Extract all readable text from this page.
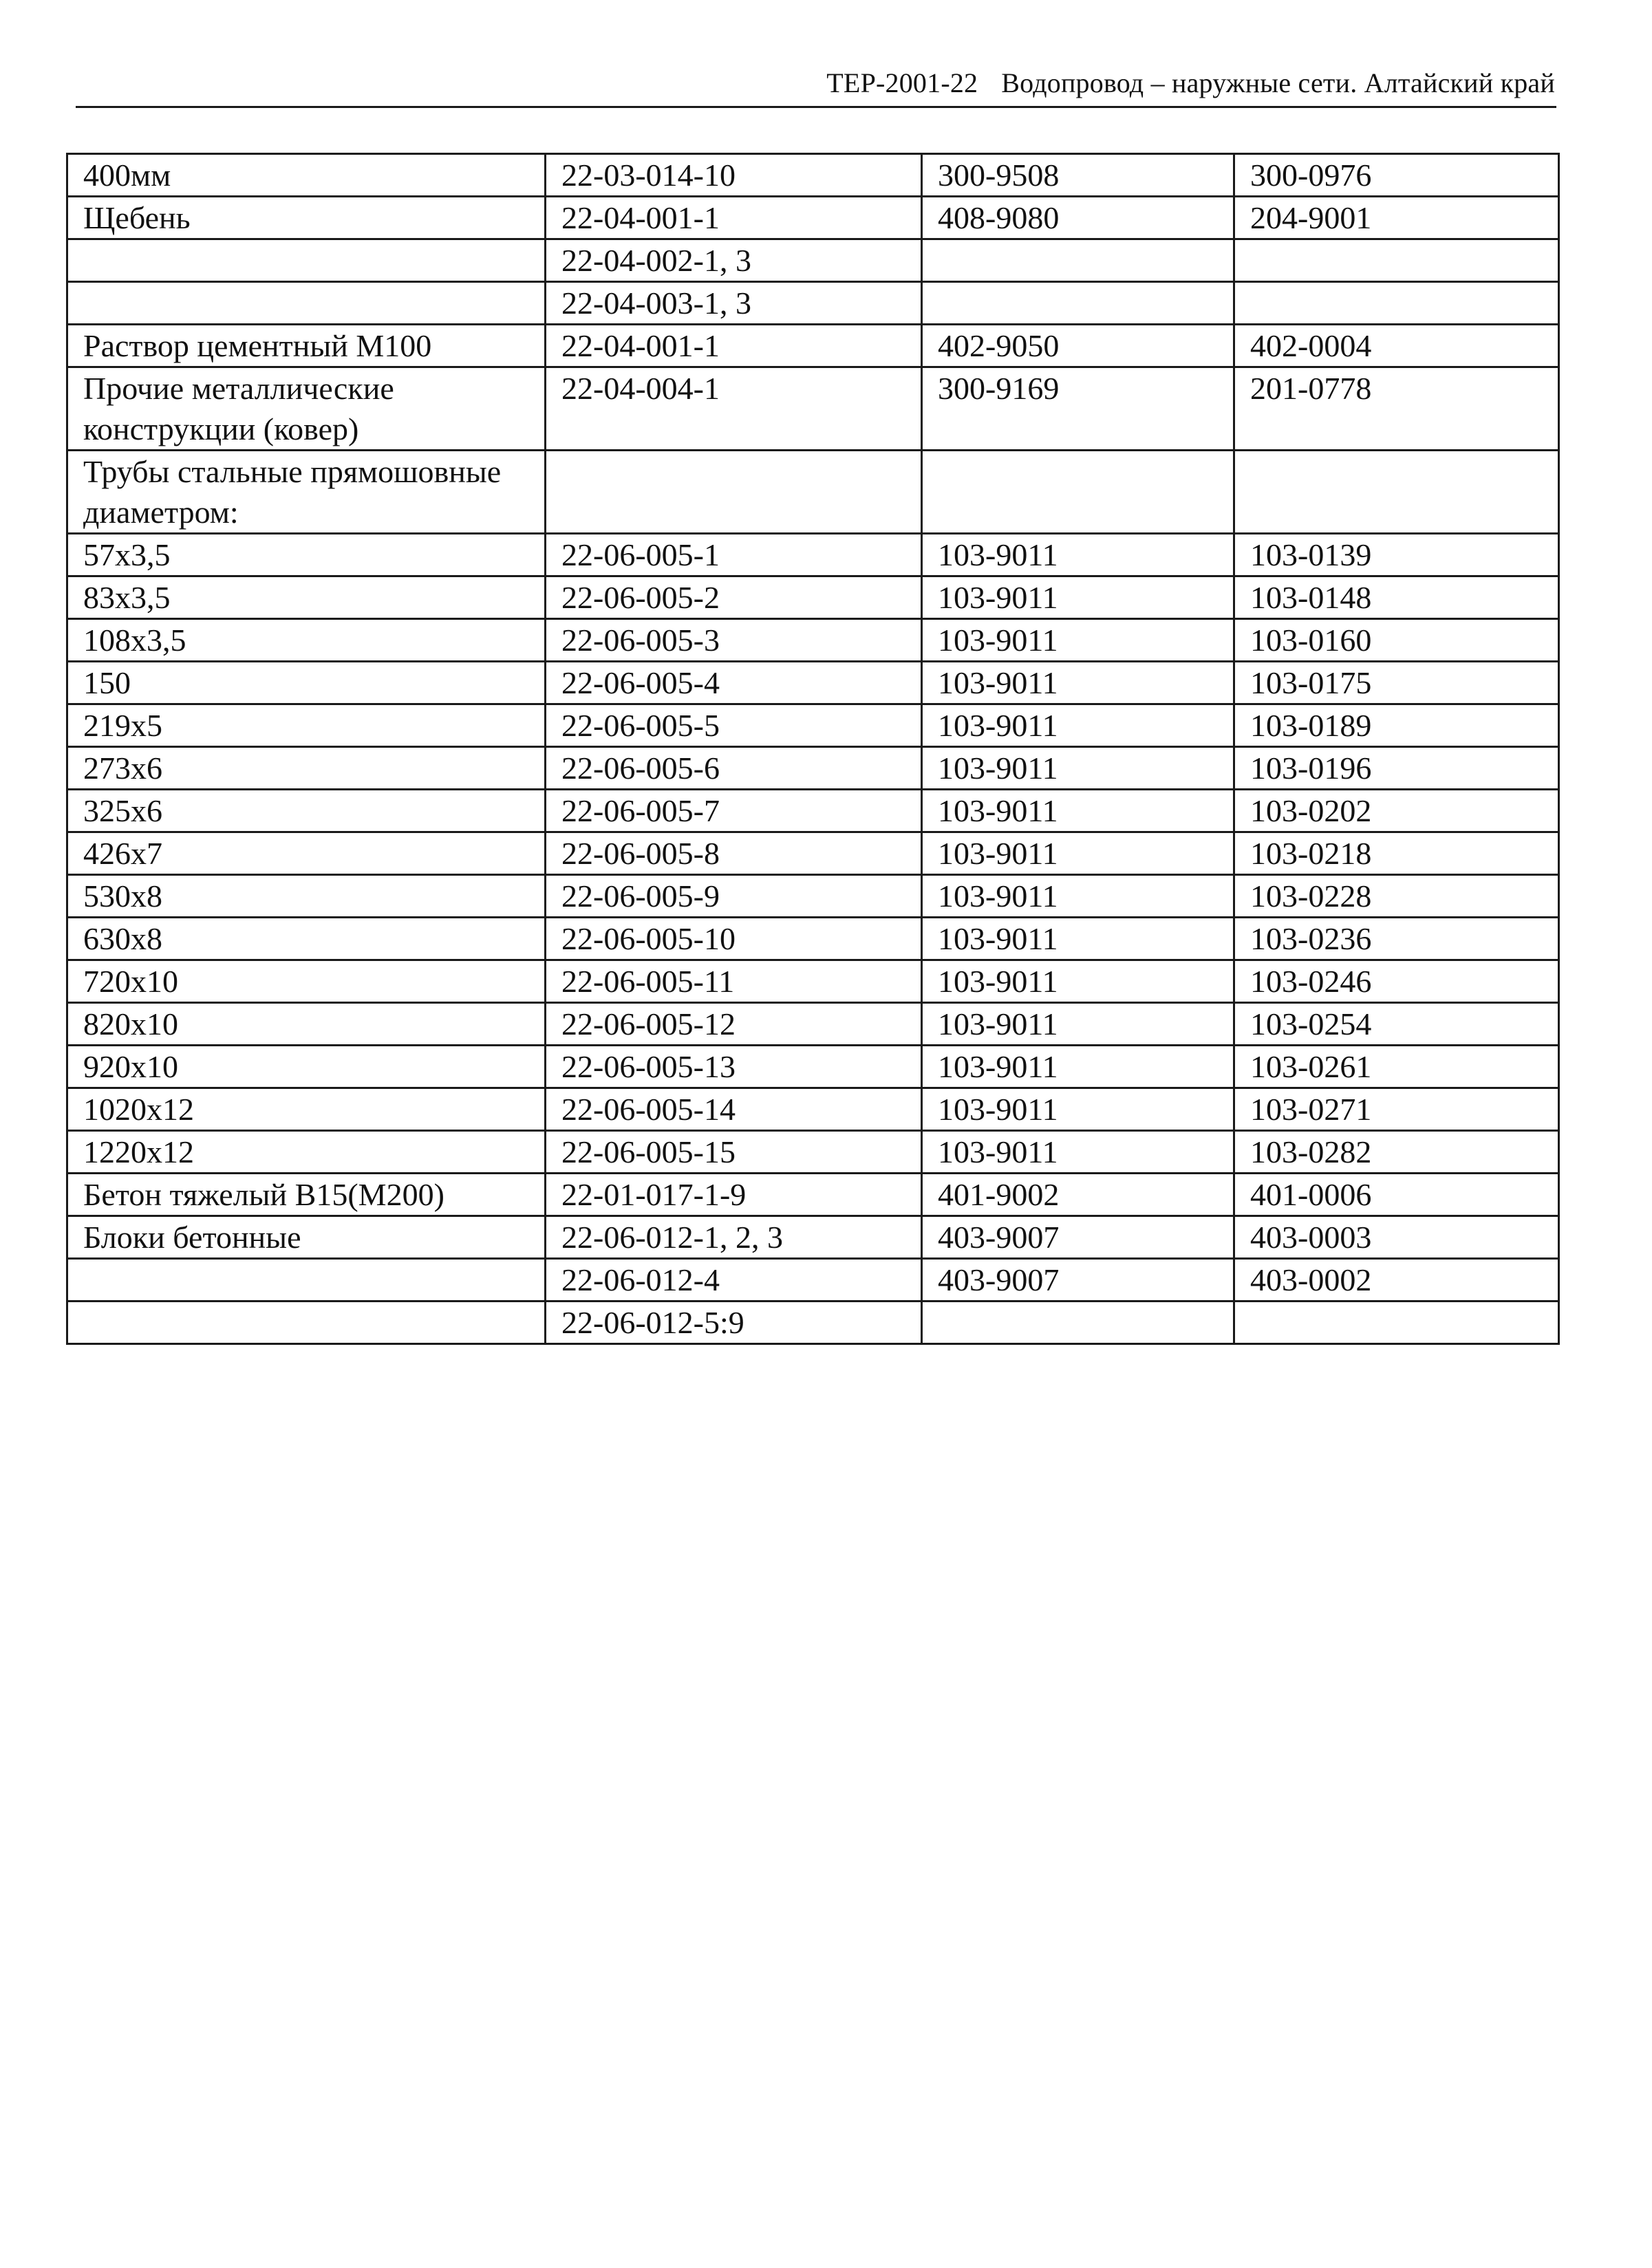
ТЕР-2001-22 Водопровод – наружные сети. Алтайский край
400мм	22-03-014-10	300-9508	300-0976
Щебень	22-04-001-1	408-9080	204-9001
	22-04-002-1, 3		
	22-04-003-1, 3		
Раствор цементный М100	22-04-001-1	402-9050	402-0004
Прочие металлические конструкции (ковер)	22-04-004-1	300-9169	201-0778
Трубы стальные прямошовные диаметром:			
57x3,5	22-06-005-1	103-9011	103-0139
83x3,5	22-06-005-2	103-9011	103-0148
108x3,5	22-06-005-3	103-9011	103-0160
150	22-06-005-4	103-9011	103-0175
219x5	22-06-005-5	103-9011	103-0189
273x6	22-06-005-6	103-9011	103-0196
325x6	22-06-005-7	103-9011	103-0202
426x7	22-06-005-8	103-9011	103-0218
530x8	22-06-005-9	103-9011	103-0228
630x8	22-06-005-10	103-9011	103-0236
720x10	22-06-005-11	103-9011	103-0246
820x10	22-06-005-12	103-9011	103-0254
920x10	22-06-005-13	103-9011	103-0261
1020x12	22-06-005-14	103-9011	103-0271
1220x12	22-06-005-15	103-9011	103-0282
Бетон тяжелый В15(М200)	22-01-017-1-9	401-9002	401-0006
Блоки бетонные	22-06-012-1, 2, 3	403-9007	403-0003
	22-06-012-4	403-9007	403-0002
	22-06-012-5:9		
